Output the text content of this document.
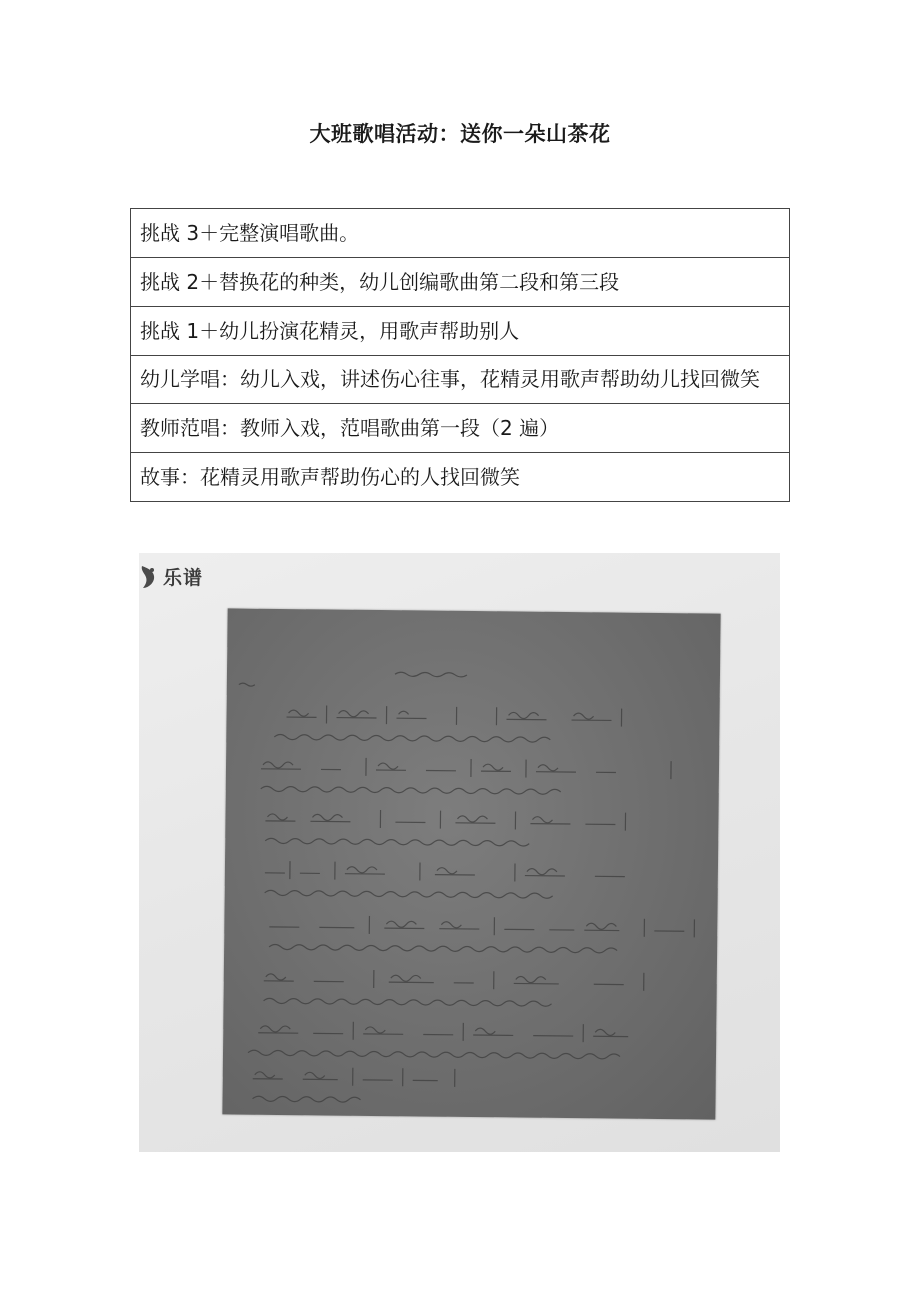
大班歌唱活动：送你一朵山茶花
挑战 3＋完整演唱歌曲。
挑战 2＋替换花的种类，幼儿创编歌曲第二段和第三段
挑战 1＋幼儿扮演花精灵，用歌声帮助别人
幼儿学唱：幼儿入戏，讲述伤心往事，花精灵用歌声帮助幼儿找回微笑
教师范唱：教师入戏，范唱歌曲第一段（2 遍）
故事：花精灵用歌声帮助伤心的人找回微笑
乐谱
